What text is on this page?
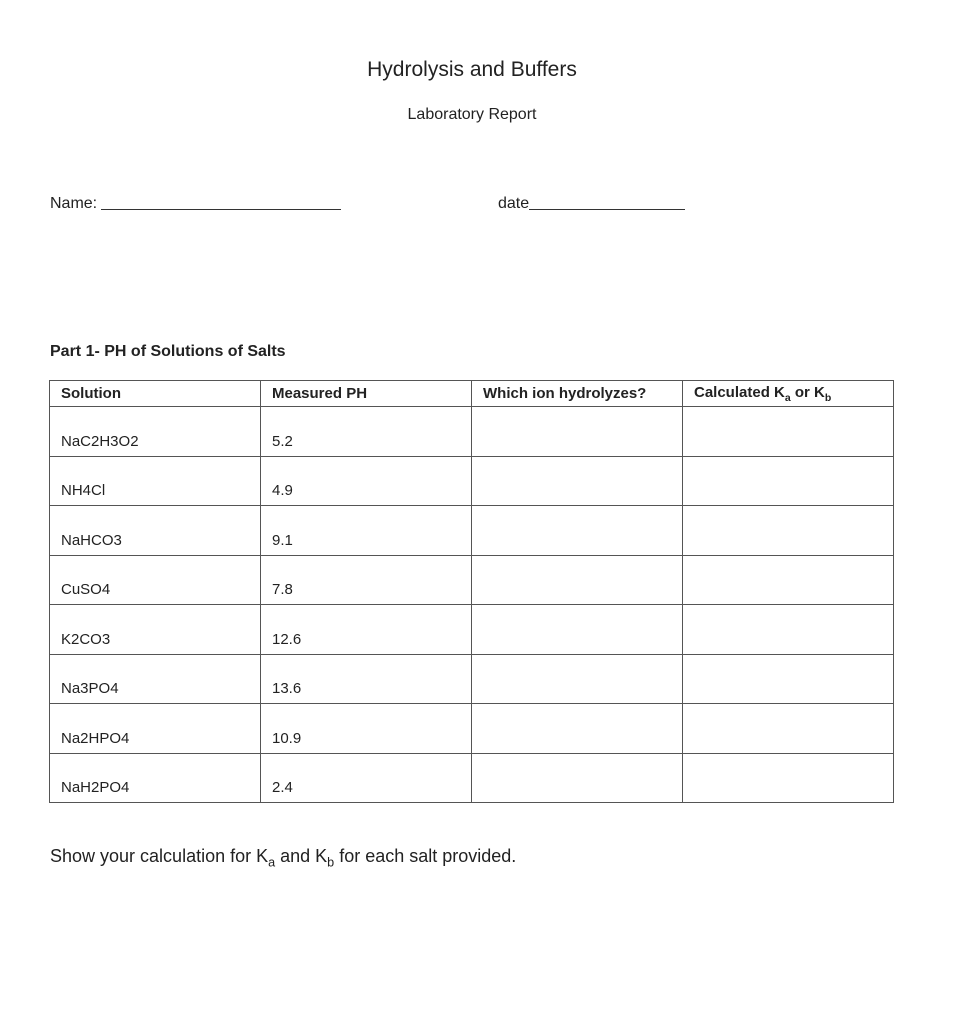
Hydrolysis and Buffers
Laboratory Report
Name:	date
Part 1- PH of Solutions of Salts
Solution	Measured PH	Which ion hydrolyzes?	Calculated $K_a$ or $K_b$
NaC2H3O2	5.2		
NH4Cl	4.9		
NaHCO3	9.1		
CuSO4	7.8		
K2CO3	12.6		
Na3PO4	13.6		
Na2HPO4	10.9		
NaH2PO4	2.4		
Show your calculation for $K_a$ and $K_b$ for each salt provided.
